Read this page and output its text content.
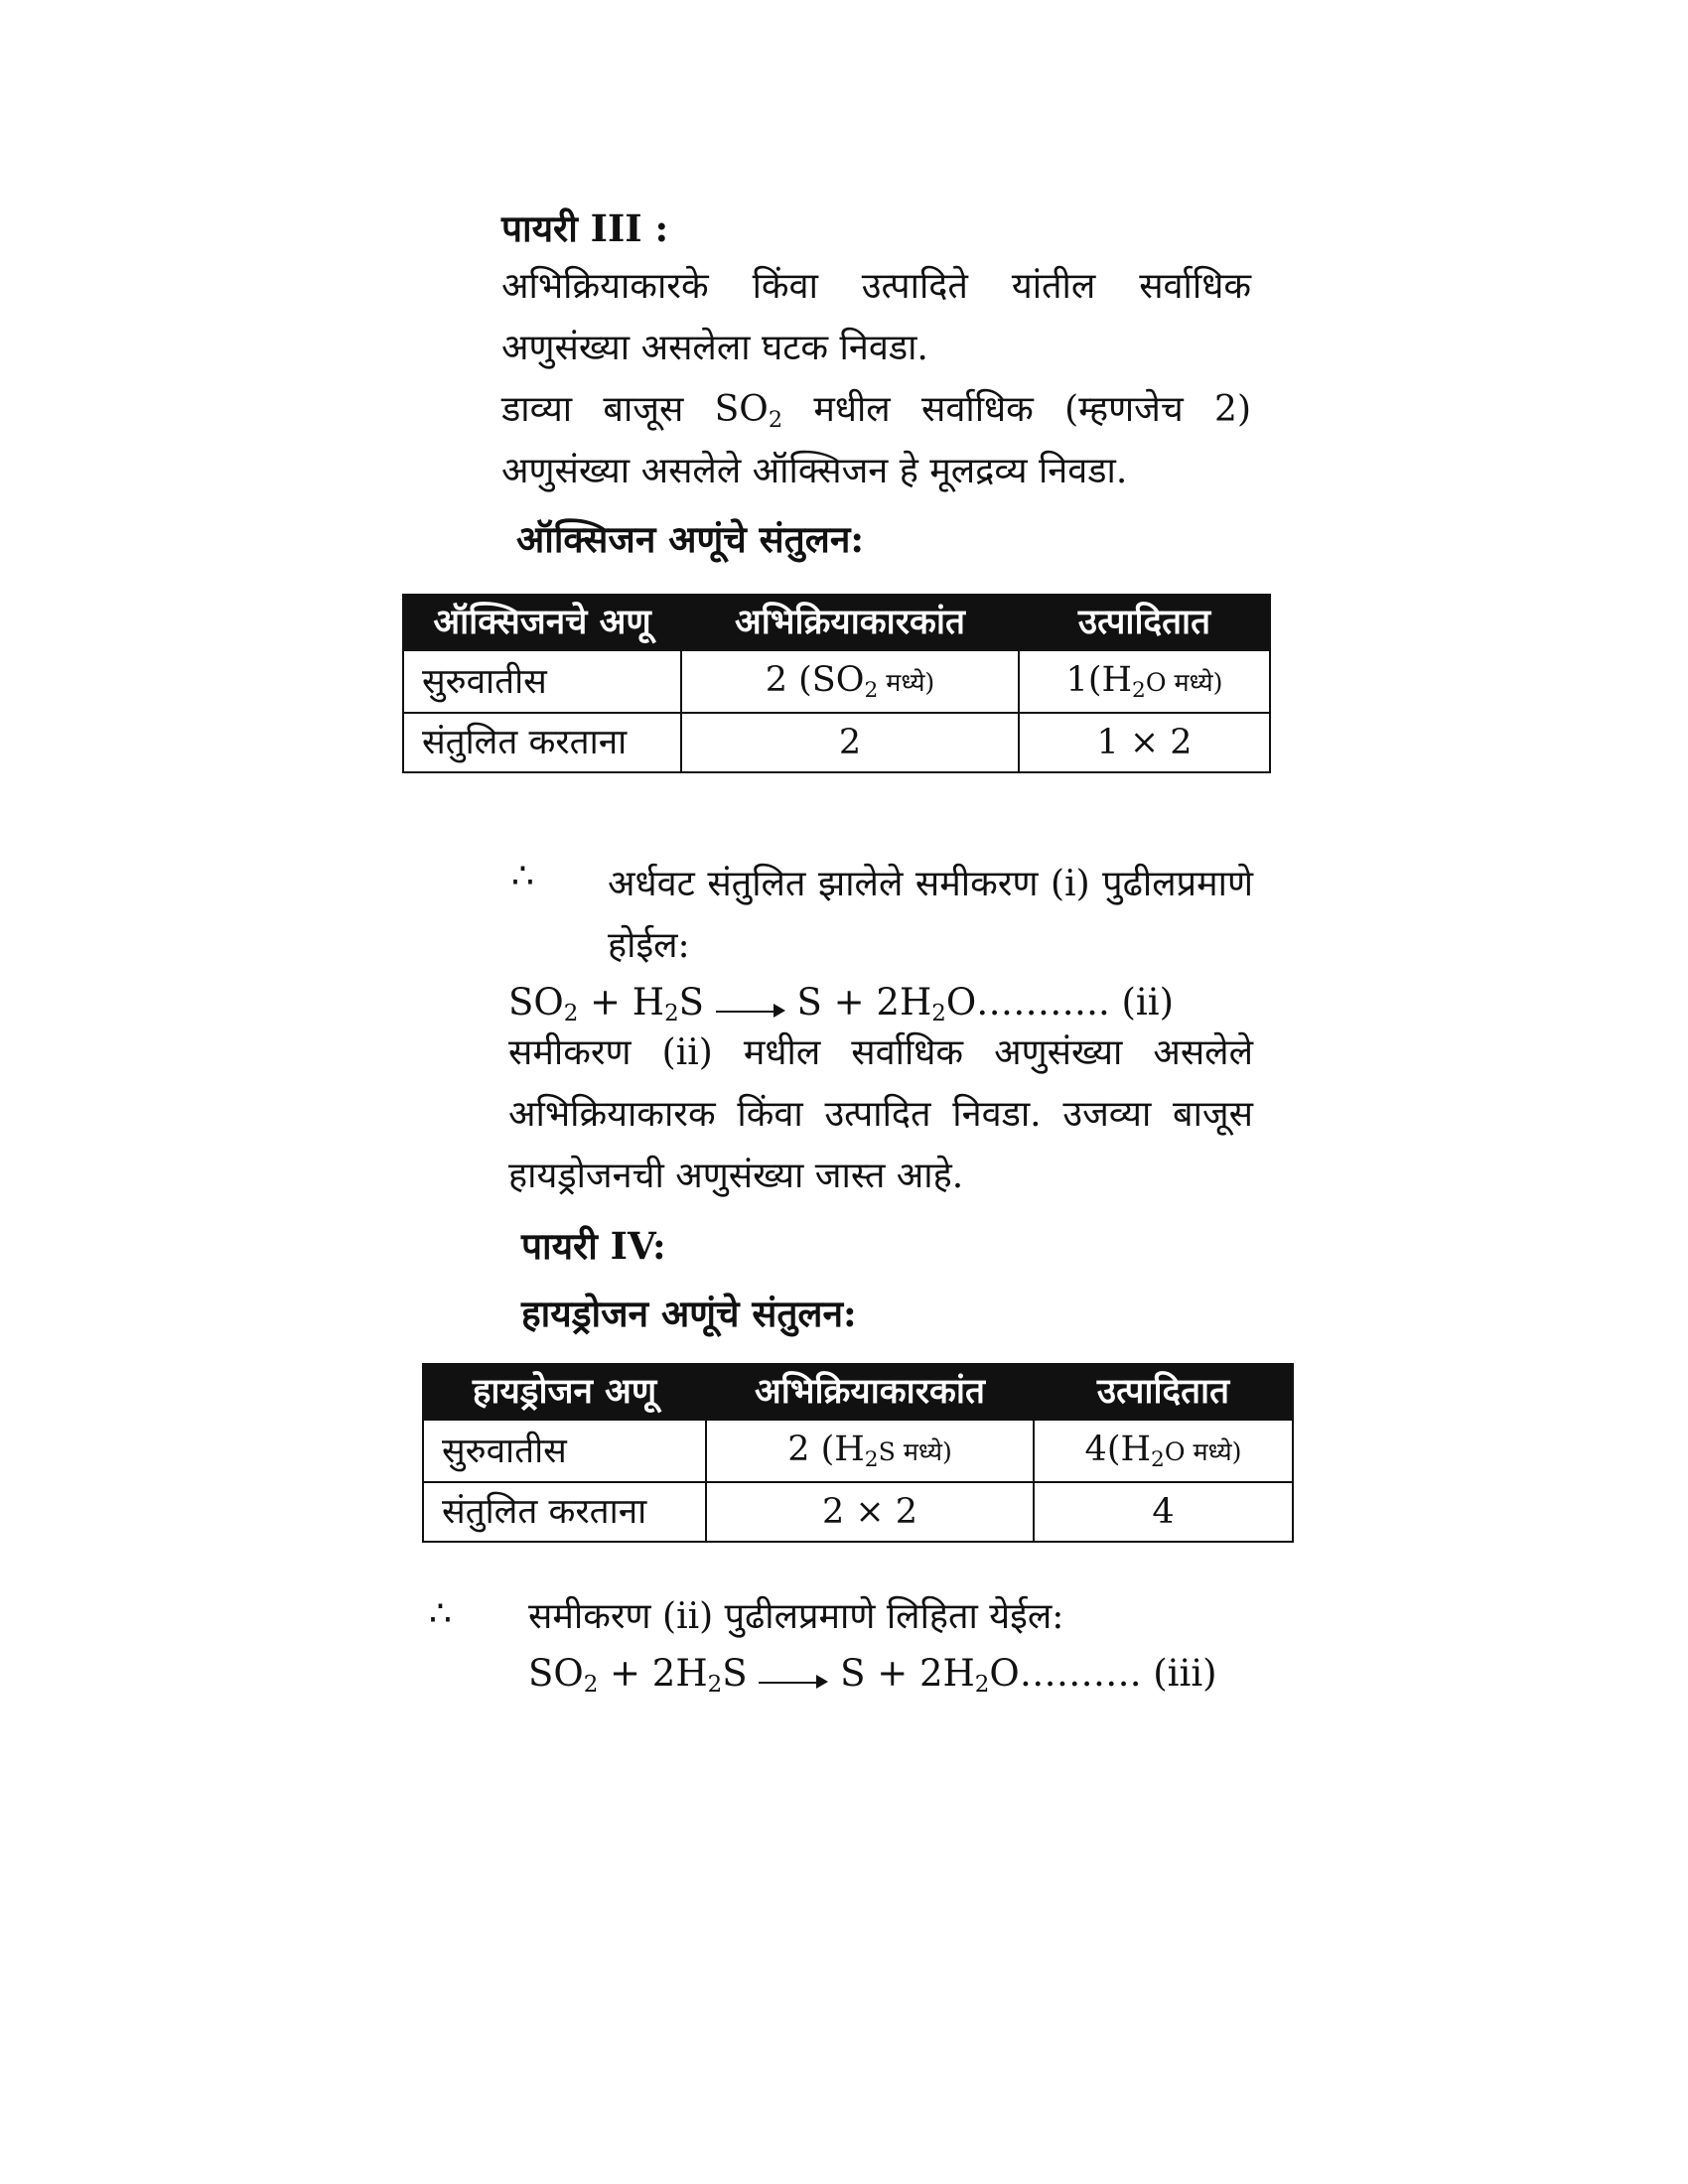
पायरी III :
अभिक्रियाकारके किंवा उत्पादिते यांतील सर्वाधिक अणुसंख्या असलेला घटक निवडा.
डाव्या बाजूस SO2 मधील सर्वाधिक (म्हणजेच 2) अणुसंख्या असलेले ऑक्सिजन हे मूलद्रव्य निवडा.
ऑक्सिजन अणूंचे संतुलन:
ऑक्सिजनचे अणू	अभिक्रियाकारकांत	उत्पादितात
सुरुवातीस	2 (SO2 मध्ये)	1(H2O मध्ये)
संतुलित करताना	2	1 × 2
∴ अर्धवट संतुलित झालेले समीकरण (i) पुढीलप्रमाणे होईल:
SO2 + H2S  S + 2H2O……….. (ii)
समीकरण (ii) मधील सर्वाधिक अणुसंख्या असलेले अभिक्रियाकारक किंवा उत्पादित निवडा. उजव्या बाजूस हायड्रोजनची अणुसंख्या जास्त आहे.
पायरी IV:
हायड्रोजन अणूंचे संतुलन:
हायड्रोजन अणू	अभिक्रियाकारकांत	उत्पादितात
सुरुवातीस	2 (H2S मध्ये)	4(H2O मध्ये)
संतुलित करताना	2 × 2	4
∴ समीकरण (ii) पुढीलप्रमाणे लिहिता येईल:
SO2 + 2H2S  S + 2H2O………. (iii)
